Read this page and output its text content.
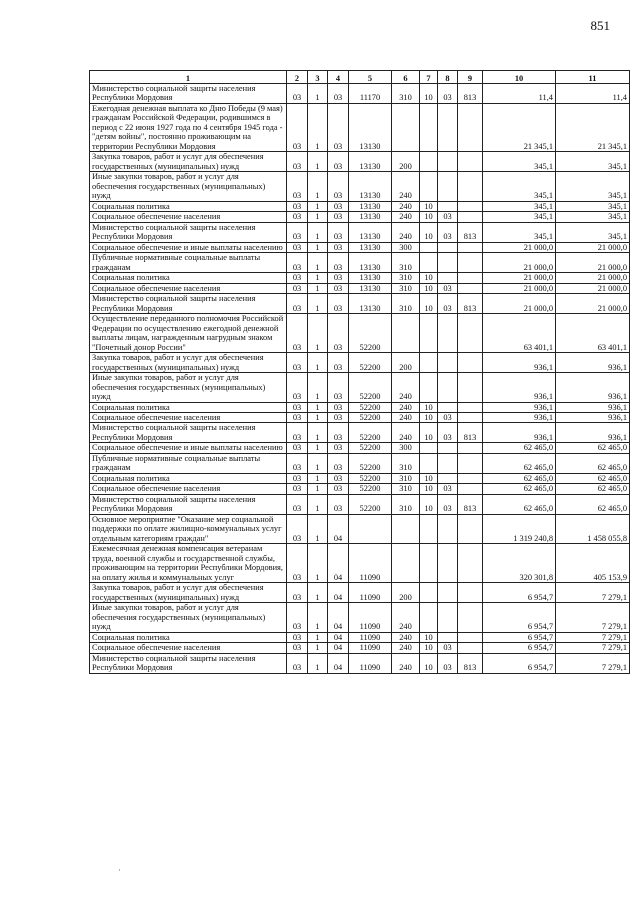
851
1	2	3	4	5	6	7	8	9	10	11
Министерство социальной защиты населения Республики Мордовия	03	1	03	11170	310	10	03	813	11,4	11,4
Ежегодная денежная выплата ко Дню Победы (9 мая) гражданам Российской Федерации, родившимся в период с 22 июня 1927 года по 4 сентября 1945 года - "детям войны", постоянно проживающим на территории Республики Мордовия	03	1	03	13130					21 345,1	21 345,1
Закупка товаров, работ и услуг для обеспечения государственных (муниципальных) нужд	03	1	03	13130	200				345,1	345,1
Иные закупки товаров, работ и услуг для обеспечения государственных (муниципальных) нужд	03	1	03	13130	240				345,1	345,1
Социальная политика	03	1	03	13130	240	10			345,1	345,1
Социальное обеспечение населения	03	1	03	13130	240	10	03		345,1	345,1
Министерство социальной защиты населения Республики Мордовия	03	1	03	13130	240	10	03	813	345,1	345,1
Социальное обеспечение и иные выплаты населению	03	1	03	13130	300				21 000,0	21 000,0
Публичные нормативные социальные выплаты гражданам	03	1	03	13130	310				21 000,0	21 000,0
Социальная политика	03	1	03	13130	310	10			21 000,0	21 000,0
Социальное обеспечение населения	03	1	03	13130	310	10	03		21 000,0	21 000,0
Министерство социальной защиты населения Республики Мордовия	03	1	03	13130	310	10	03	813	21 000,0	21 000,0
Осуществление переданного полномочия Российской Федерации по осуществлению ежегодной денежной выплаты лицам, награжденным нагрудным знаком "Почетный донор России"	03	1	03	52200					63 401,1	63 401,1
Закупка товаров, работ и услуг для обеспечения государственных (муниципальных) нужд	03	1	03	52200	200				936,1	936,1
Иные закупки товаров, работ и услуг для обеспечения государственных (муниципальных) нужд	03	1	03	52200	240				936,1	936,1
Социальная политика	03	1	03	52200	240	10			936,1	936,1
Социальное обеспечение населения	03	1	03	52200	240	10	03		936,1	936,1
Министерство социальной защиты населения Республики Мордовия	03	1	03	52200	240	10	03	813	936,1	936,1
Социальное обеспечение и иные выплаты населению	03	1	03	52200	300				62 465,0	62 465,0
Публичные нормативные социальные выплаты гражданам	03	1	03	52200	310				62 465,0	62 465,0
Социальная политика	03	1	03	52200	310	10			62 465,0	62 465,0
Социальное обеспечение населения	03	1	03	52200	310	10	03		62 465,0	62 465,0
Министерство социальной защиты населения Республики Мордовия	03	1	03	52200	310	10	03	813	62 465,0	62 465,0
Основное мероприятие "Оказание мер социальной поддержки по оплате жилищно-коммунальных услуг отдельным категориям граждан"	03	1	04						1 319 240,8	1 458 055,8
Ежемесячная денежная компенсация ветеранам труда, военной службы и государственной службы, проживающим на территории Республики Мордовия, на оплату жилья и коммунальных услуг	03	1	04	11090					320 301,8	405 153,9
Закупка товаров, работ и услуг для обеспечения государственных (муниципальных) нужд	03	1	04	11090	200				6 954,7	7 279,1
Иные закупки товаров, работ и услуг для обеспечения государственных (муниципальных) нужд	03	1	04	11090	240				6 954,7	7 279,1
Социальная политика	03	1	04	11090	240	10			6 954,7	7 279,1
Социальное обеспечение населения	03	1	04	11090	240	10	03		6 954,7	7 279,1
Министерство социальной защиты населения Республики Мордовия	03	1	04	11090	240	10	03	813	6 954,7	7 279,1
·
